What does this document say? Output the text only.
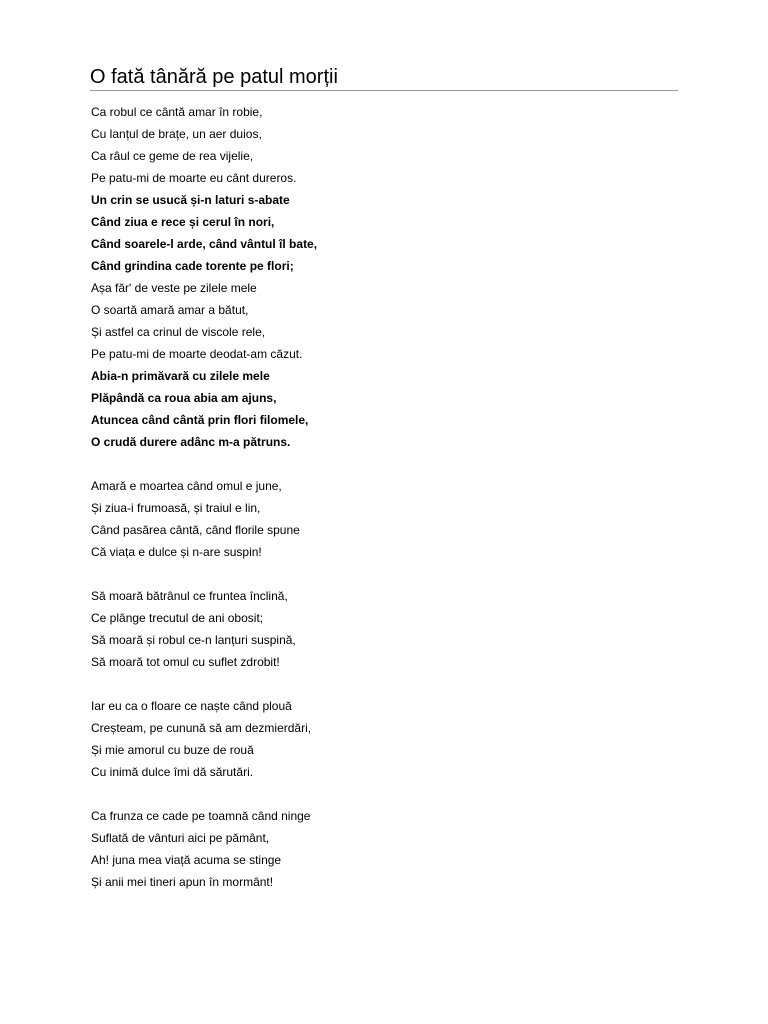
O fată tânără pe patul morții
Ca robul ce cântă amar în robie,
Cu lanțul de brațe, un aer duios,
Ca râul ce geme de rea vijelie,
Pe patu-mi de moarte eu cânt dureros.
Un crin se usucă și-n laturi s-abate
Când ziua e rece și cerul în nori,
Când soarele-l arde, când vântul îl bate,
Când grindina cade torente pe flori;
Așa făr' de veste pe zilele mele
O soartă amară amar a bătut,
Și astfel ca crinul de viscole rele,
Pe patu-mi de moarte deodat-am căzut.
Abia-n primăvară cu zilele mele
Plăpândă ca roua abia am ajuns,
Atuncea când cântă prin flori filomele,
O crudă durere adânc m-a pătruns.
Amară e moartea când omul e june,
Și ziua-i frumoasă, și traiul e lin,
Când pasărea cântă, când florile spune
Că viața e dulce și n-are suspin!
Să moară bătrânul ce fruntea înclină,
Ce plânge trecutul de ani obosit;
Să moară și robul ce-n lanțuri suspină,
Să moară tot omul cu suflet zdrobit!
Iar eu ca o floare ce naște când plouă
Creșteam, pe cunună să am dezmierdări,
Și mie amorul cu buze de rouă
Cu inimă dulce îmi dă sărutări.
Ca frunza ce cade pe toamnă când ninge
Suflată de vânturi aici pe pământ,
Ah! juna mea viață acuma se stinge
Și anii mei tineri apun în mormânt!
